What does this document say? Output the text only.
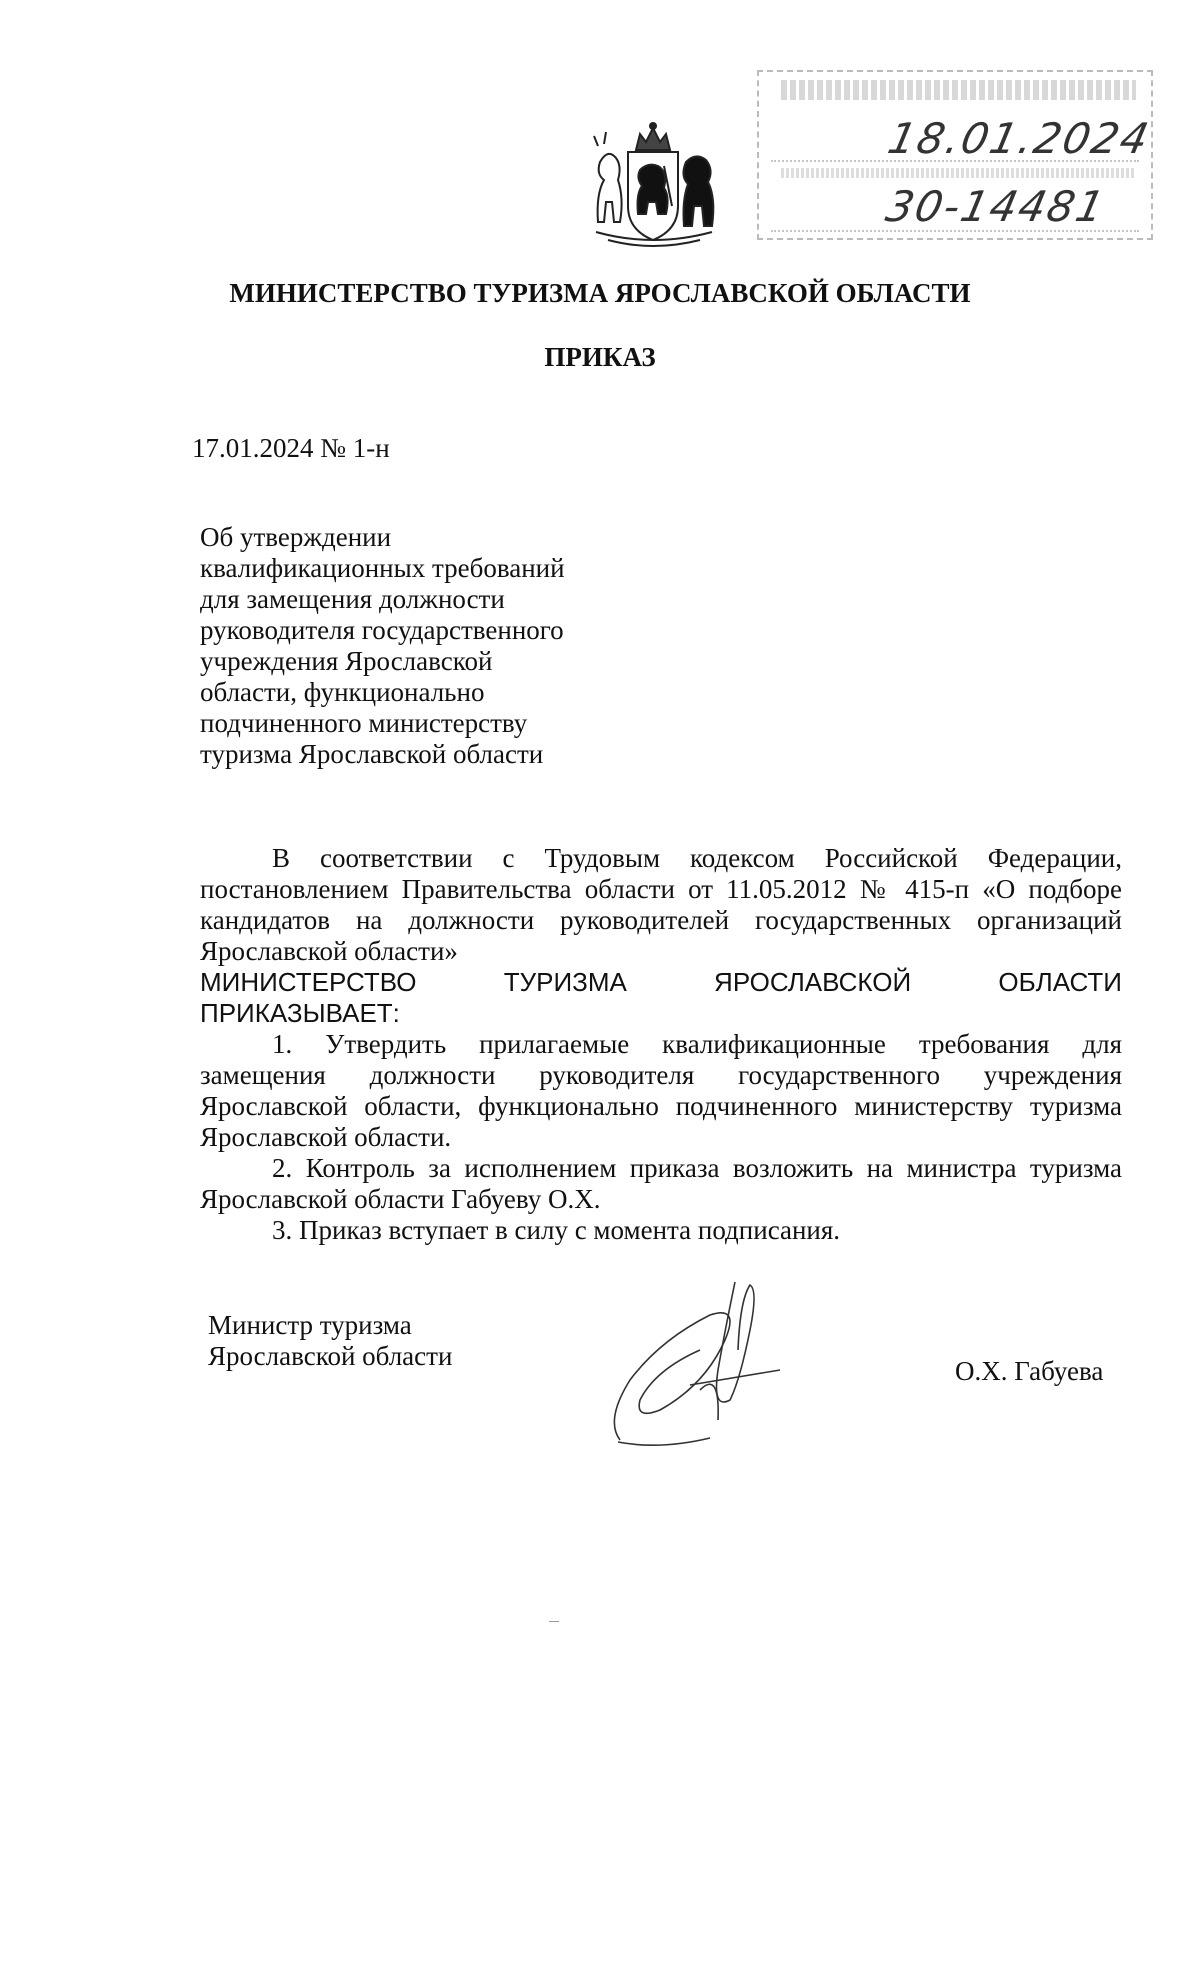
18.01.2024
30-14481
МИНИСТЕРСТВО ТУРИЗМА ЯРОСЛАВСКОЙ ОБЛАСТИ
ПРИКАЗ
17.01.2024 № 1-н
Об утверждении
квалификационных требований
для замещения должности
руководителя государственного
учреждения Ярославской
области, функционально
подчиненного министерству
туризма Ярославской области

В соответствии с Трудовым кодексом Российской Федерации, постановлением Правительства области от 11.05.2012 № 415-п «О подборе кандидатов на должности руководителей государственных организаций Ярославской области»

МИНИСТЕРСТВО ТУРИЗМА ЯРОСЛАВСКОЙ ОБЛАСТИ

ПРИКАЗЫВАЕТ:

1. Утвердить прилагаемые квалификационные требования для замещения должности руководителя государственного учреждения Ярославской области, функционально подчиненного министерству туризма Ярославской области.

2. Контроль за исполнением приказа возложить на министра туризма Ярославской области Габуеву О.Х.

3. Приказ вступает в силу с момента подписания.

Министр туризма
Ярославской области	О.Х. Габуева
